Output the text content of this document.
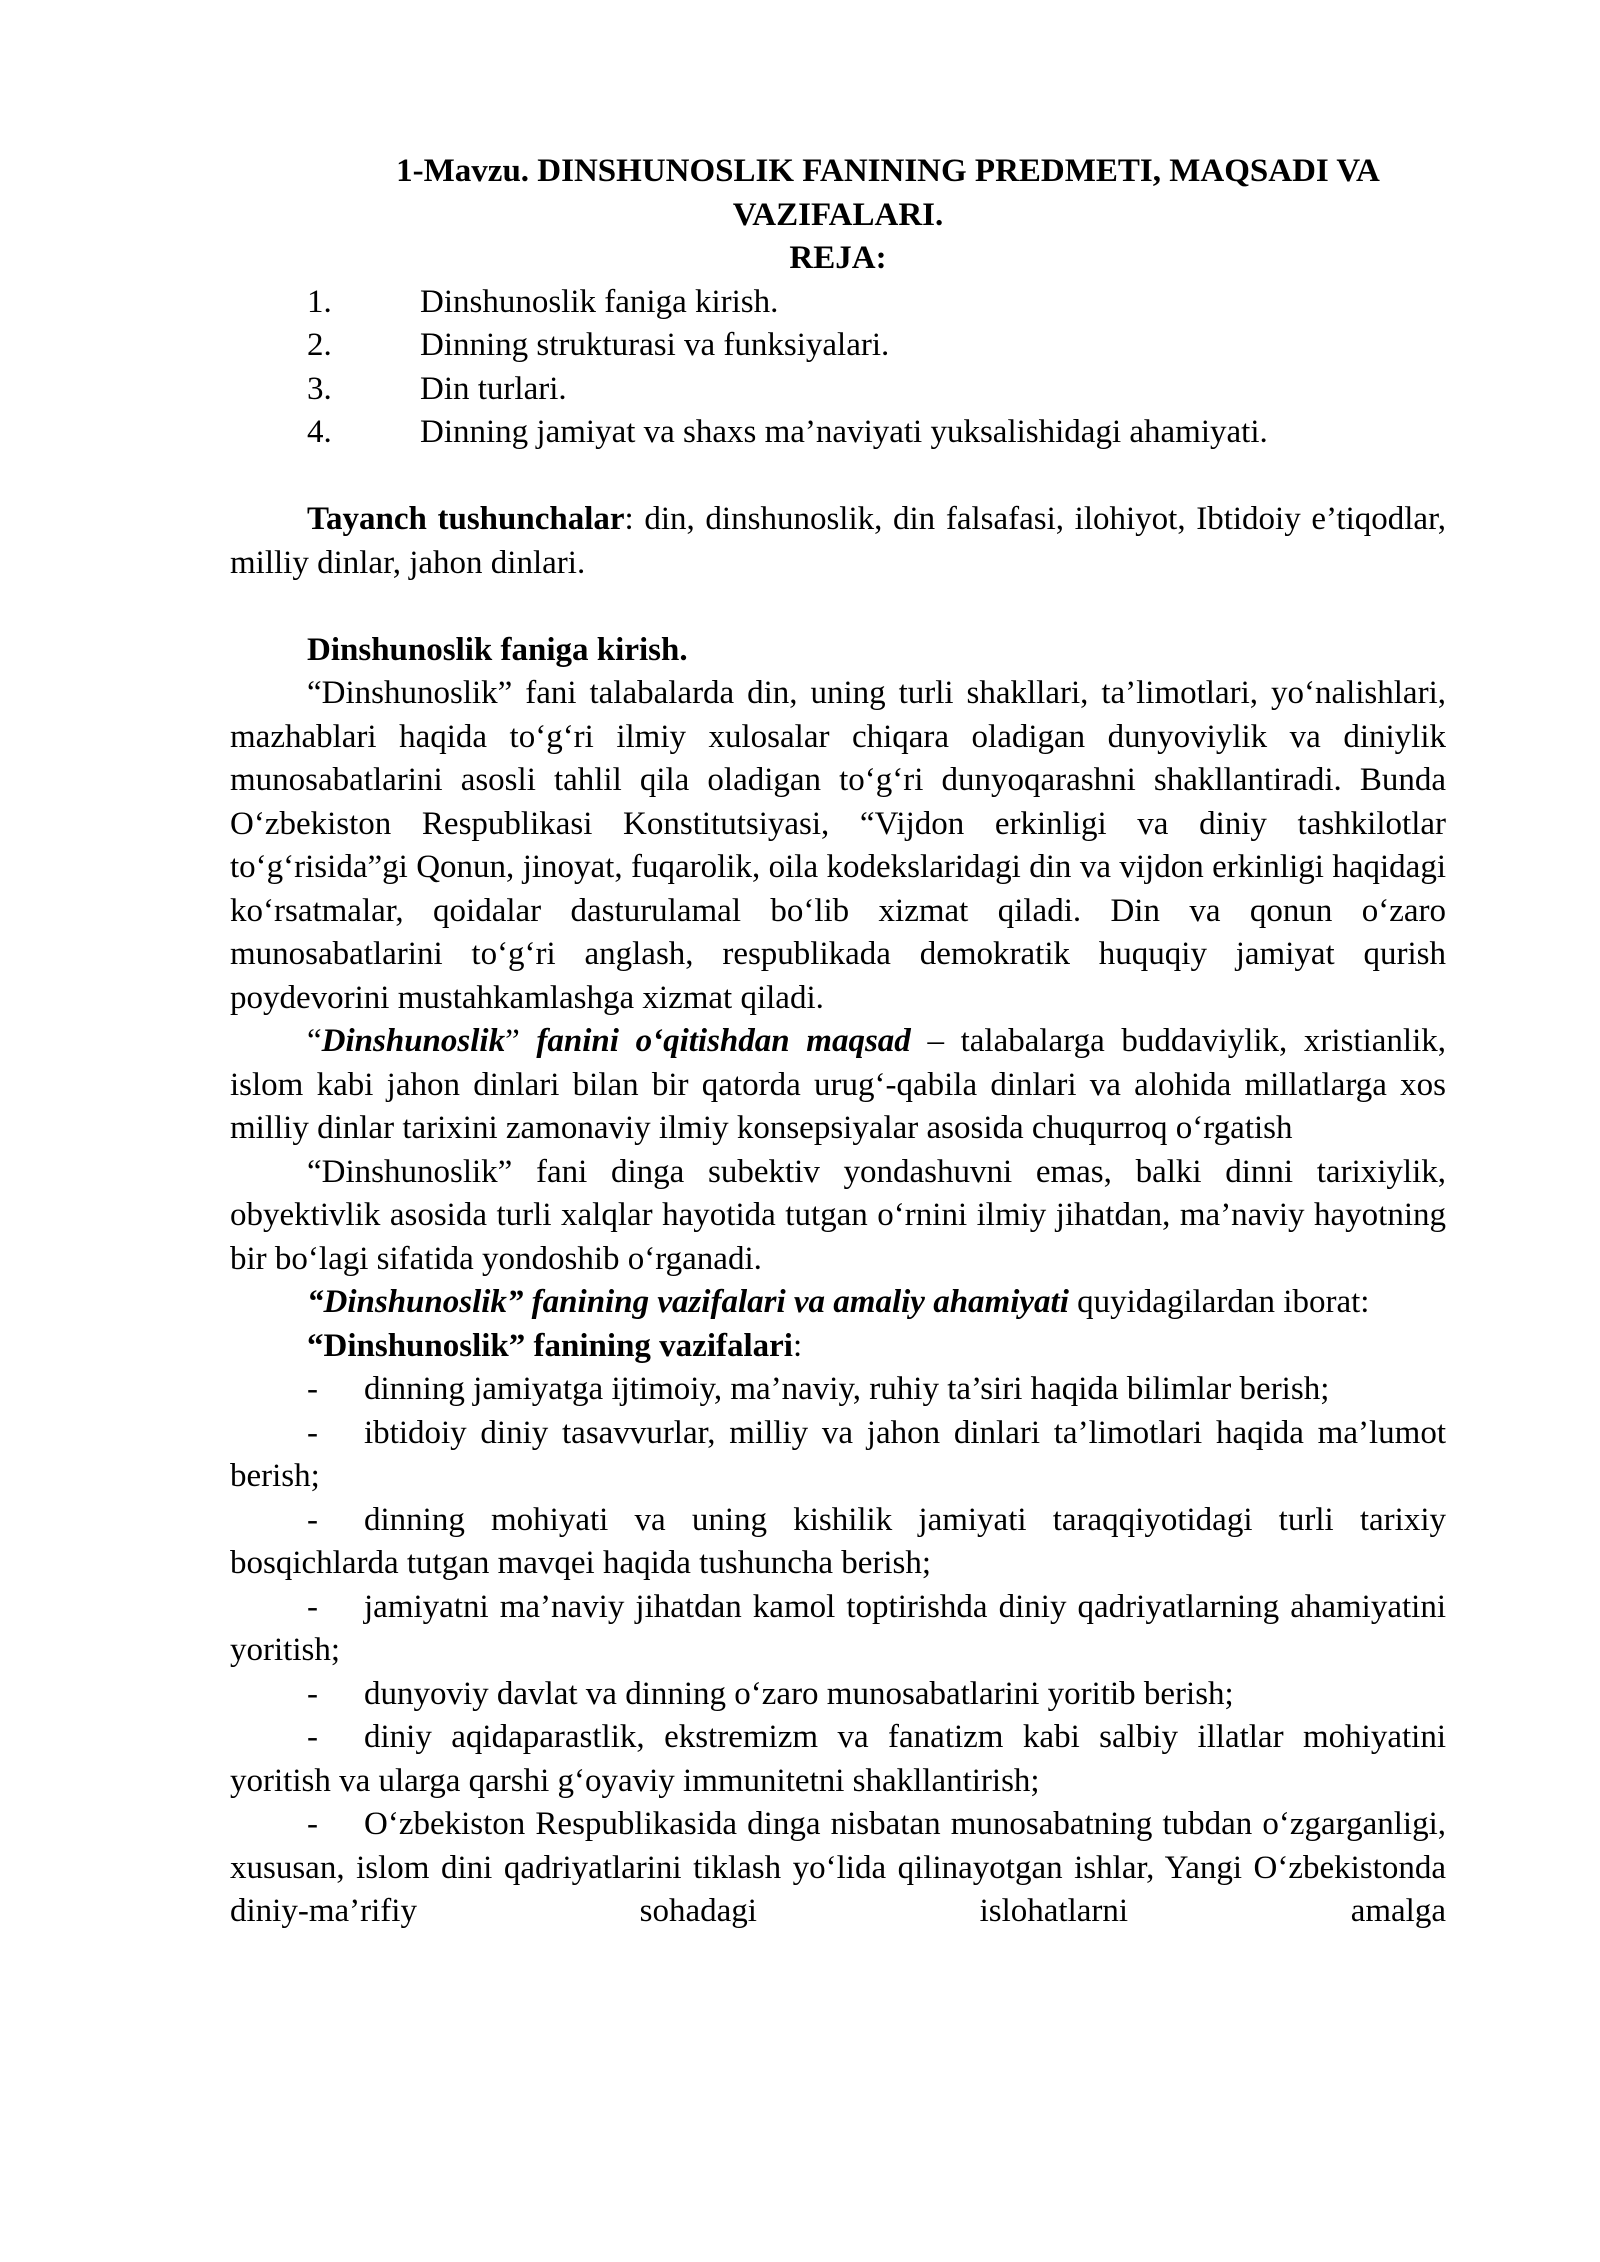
1-Mavzu. DINSHUNOSLIK FANINING PREDMETI, MAQSADI VA
VAZIFALARI.
REJA:
1.	Dinshunoslik faniga kirish.
2.	Dinning strukturasi va funksiyalari.
3.	Din turlari.
4.	Dinning jamiyat va shaxs ma’naviyati yuksalishidagi ahamiyati.

Tayanch tushunchalar: din, dinshunoslik, din falsafasi, ilohiyot, Ibtidoiy e’tiqodlar, milliy dinlar, jahon dinlari.

Dinshunoslik faniga kirish.

“Dinshunoslik” fani talabalarda din, uning turli shakllari, ta’limotlari, yo‘nalishlari, mazhablari haqida to‘g‘ri ilmiy xulosalar chiqara oladigan dunyoviylik va diniylik munosabatlarini asosli tahlil qila oladigan to‘g‘ri dunyoqarashni shakllantiradi. Bunda O‘zbekiston Respublikasi Konstitutsiyasi, “Vijdon erkinligi va diniy tashkilotlar to‘g‘risida”gi Qonun, jinoyat, fuqarolik, oila kodekslaridagi din va vijdon erkinligi haqidagi ko‘rsatmalar, qoidalar dasturulamal bo‘lib xizmat qiladi. Din va qonun o‘zaro munosabatlarini to‘g‘ri anglash, respublikada demokratik huquqiy jamiyat qurish poydevorini mustahkamlashga xizmat qiladi.

“Dinshunoslik” fanini o‘qitishdan maqsad – talabalarga buddaviylik, xristianlik, islom kabi jahon dinlari bilan bir qatorda urug‘-qabila dinlari va alohida millatlarga xos milliy dinlar tarixini zamonaviy ilmiy konsepsiyalar asosida chuqurroq o‘rgatish

“Dinshunoslik” fani dinga subektiv yondashuvni emas, balki dinni tarixiylik, obyektivlik asosida turli xalqlar hayotida tutgan o‘rnini ilmiy jihatdan, ma’naviy hayotning bir bo‘lagi sifatida yondoshib o‘rganadi.

“Dinshunoslik” fanining vazifalari va amaliy ahamiyati quyidagilardan iborat:

“Dinshunoslik” fanining vazifalari:

- dinning jamiyatga ijtimoiy, ma’naviy, ruhiy ta’siri haqida bilimlar berish;

- ibtidoiy diniy tasavvurlar, milliy va jahon dinlari ta’limotlari haqida ma’lumot berish;

- dinning mohiyati va uning kishilik jamiyati taraqqiyotidagi turli tarixiy bosqichlarda tutgan mavqei haqida tushuncha berish;

- jamiyatni ma’naviy jihatdan kamol toptirishda diniy qadriyatlarning ahamiyatini yoritish;

- dunyoviy davlat va dinning o‘zaro munosabatlarini yoritib berish;

- diniy aqidaparastlik, ekstremizm va fanatizm kabi salbiy illatlar mohiyatini yoritish va ularga qarshi g‘oyaviy immunitetni shakllantirish;

- O‘zbekiston Respublikasida dinga nisbatan munosabatning tubdan o‘zgarganligi, xususan, islom dini qadriyatlarini tiklash yo‘lida qilinayotgan ishlar, Yangi O‘zbekistonda diniy-ma’rifiy sohadagi islohatlarni amalga
